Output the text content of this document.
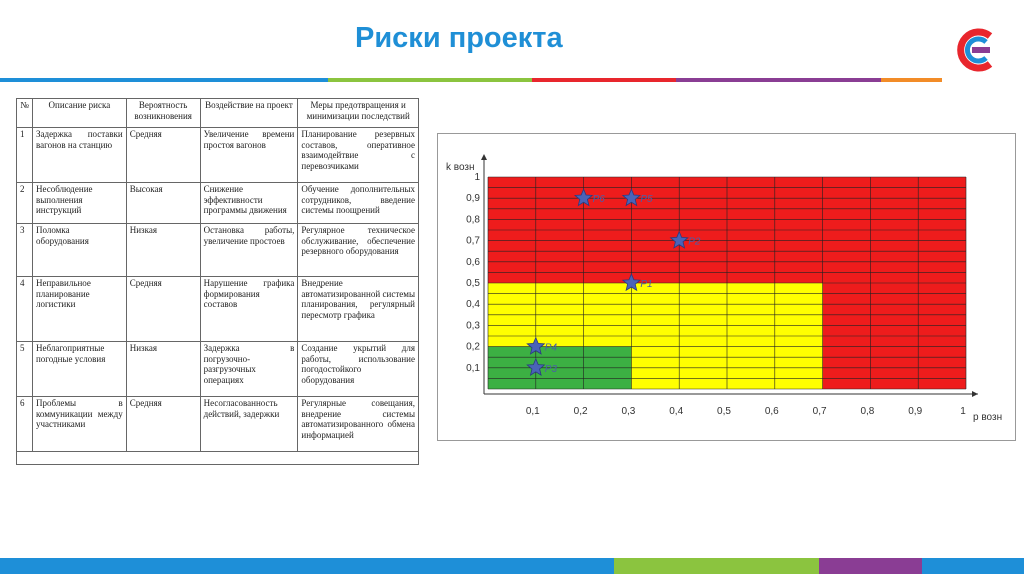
Риски проекта
№	Описание риска	Вероятность возникновения	Воздействие на проект	Меры предотвращения и минимизации последствий
1	Задержка поставки вагонов на станцию	Средняя	Увеличение времени простоя вагонов	Планирование резервных составов, оперативное взаимодейтвие с перевозчиками
2	Несоблюдение выполнения инструкций	Высокая	Снижение эффективности программы движения	Обучение дополнительных сотрудников, введение системы поощрений
3	Поломка оборудования	Низкая	Остановка работы, увеличение простоев	Регулярное техническое обслуживание, обеспечение резервного оборудования
4	Неправильное планирование логистики	Средняя	Нарушение графика формирования составов	Внедрение автоматизированной системы планирования, регулярный пересмотр графика
5	Неблагоприятные погодные условия	Низкая	Задержка в погрузочно-разгрузочных операциях	Создание укрытий для работы, использование погодостойкого оборудования
6	Проблемы в коммуникации между участниками	Средняя	Несогласованность действий, задержки	Регулярные совещания, внедрение системы автоматизированного обмена информацией

0,1	0,2	0,3	0,4	0,5	0,6	0,7	0,8	0,9	1
0,1
0,2
0,3
0,4
0,5
0,6
0,7
0,8
0,9
1
р возн
k возн
P1
P2
P3
P4
P5
P6
